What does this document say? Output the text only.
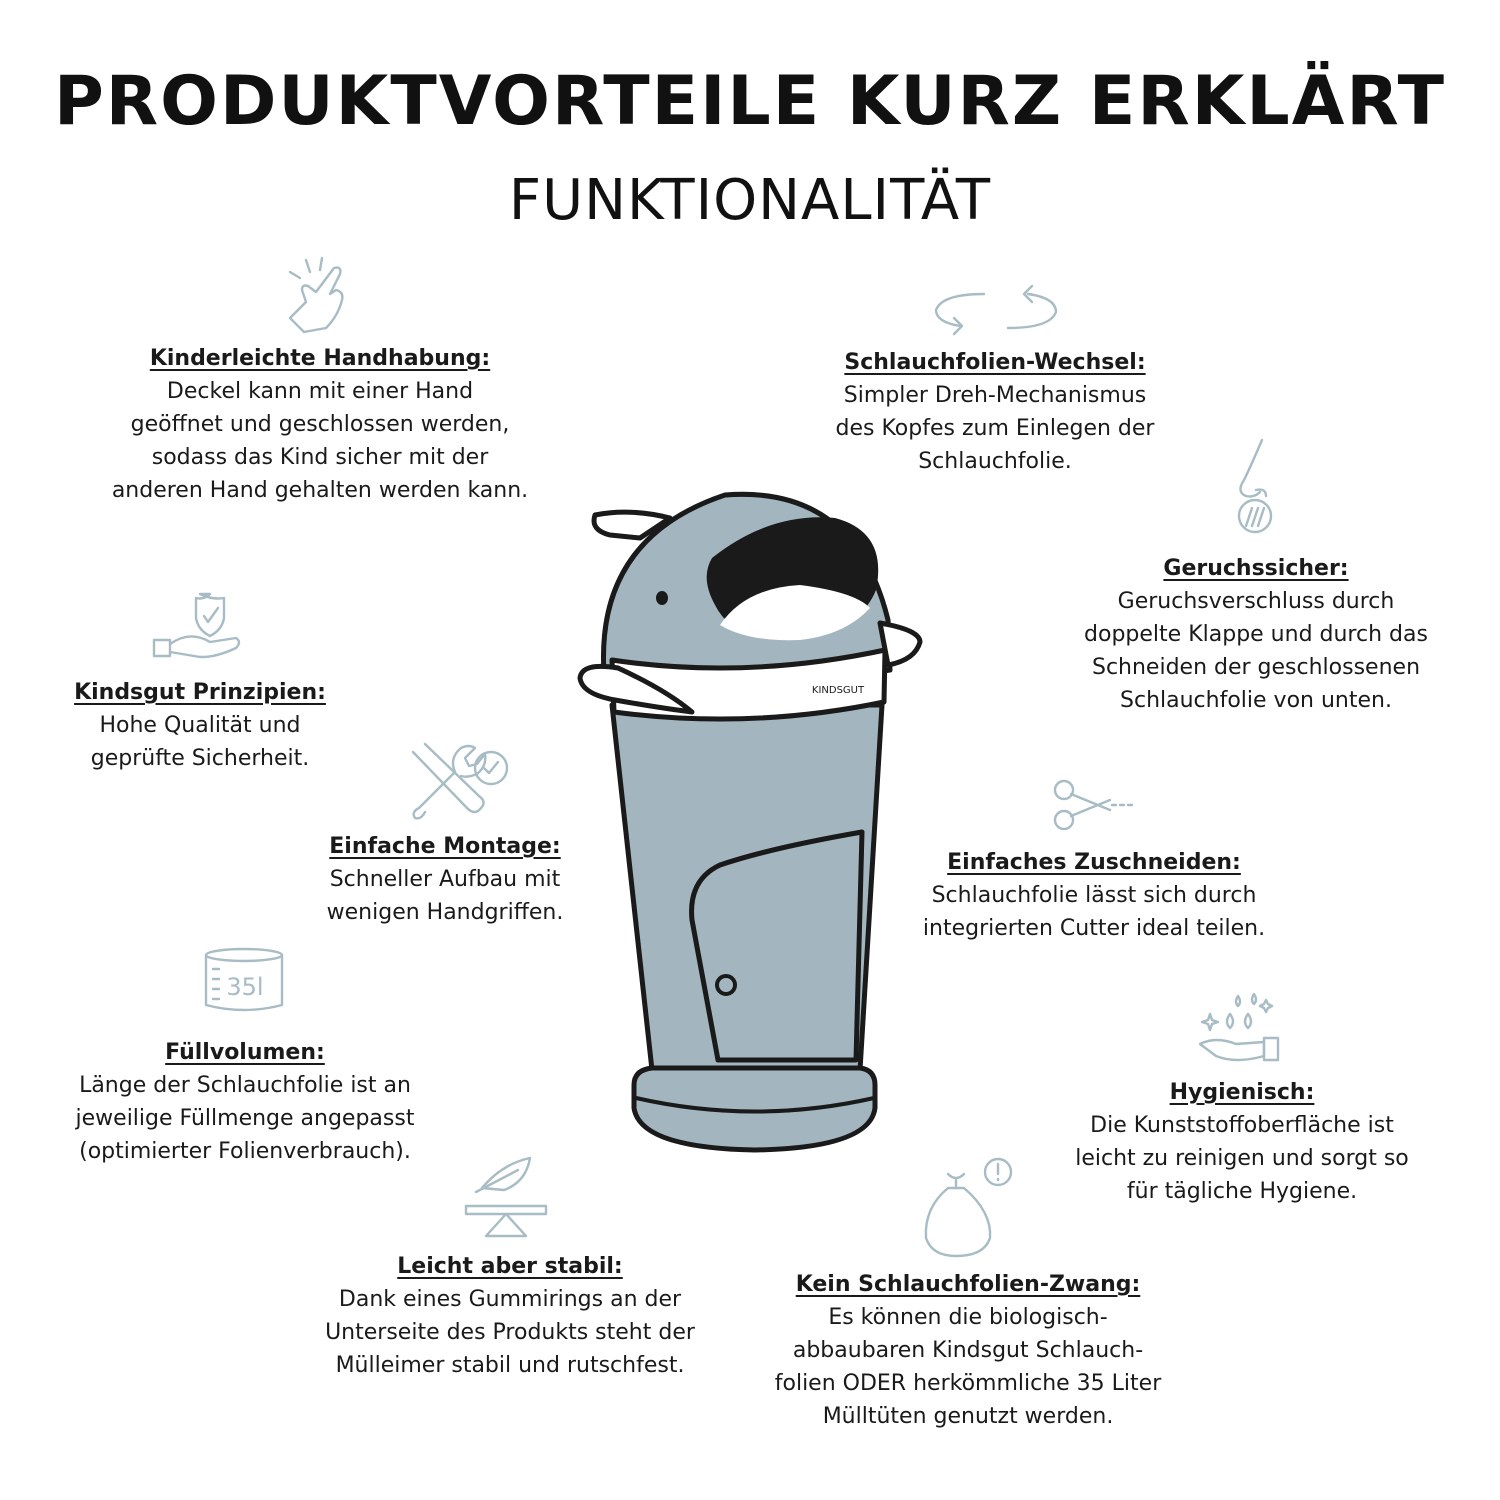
PRODUKTVORTEILE KURZ ERKLÄRT
FUNKTIONALITÄT
KINDSGUT
Kinderleichte Handhabung:
Deckel kann mit einer Hand
geöffnet und geschlossen werden,
sodass das Kind sicher mit der
anderen Hand gehalten werden kann.
Kindsgut Prinzipien:
Hohe Qualität und
geprüfte Sicherheit.
Einfache Montage:
Schneller Aufbau mit
wenigen Handgriffen.
35l
Füllvolumen:
Länge der Schlauchfolie ist an
jeweilige Füllmenge angepasst
(optimierter Folienverbrauch).
Leicht aber stabil:
Dank eines Gummirings an der
Unterseite des Produkts steht der
Mülleimer stabil und rutschfest.
Schlauchfolien-Wechsel:
Simpler Dreh-Mechanismus
des Kopfes zum Einlegen der
Schlauchfolie.
Geruchssicher:
Geruchsverschluss durch
doppelte Klappe und durch das
Schneiden der geschlossenen
Schlauchfolie von unten.
Einfaches Zuschneiden:
Schlauchfolie lässt sich durch
integrierten Cutter ideal teilen.
Hygienisch:
Die Kunststoffoberfläche ist
leicht zu reinigen und sorgt so
für tägliche Hygiene.
Kein Schlauchfolien-Zwang:
Es können die biologisch-
abbaubaren Kindsgut Schlauch-
folien ODER herkömmliche 35 Liter
Mülltüten genutzt werden.
